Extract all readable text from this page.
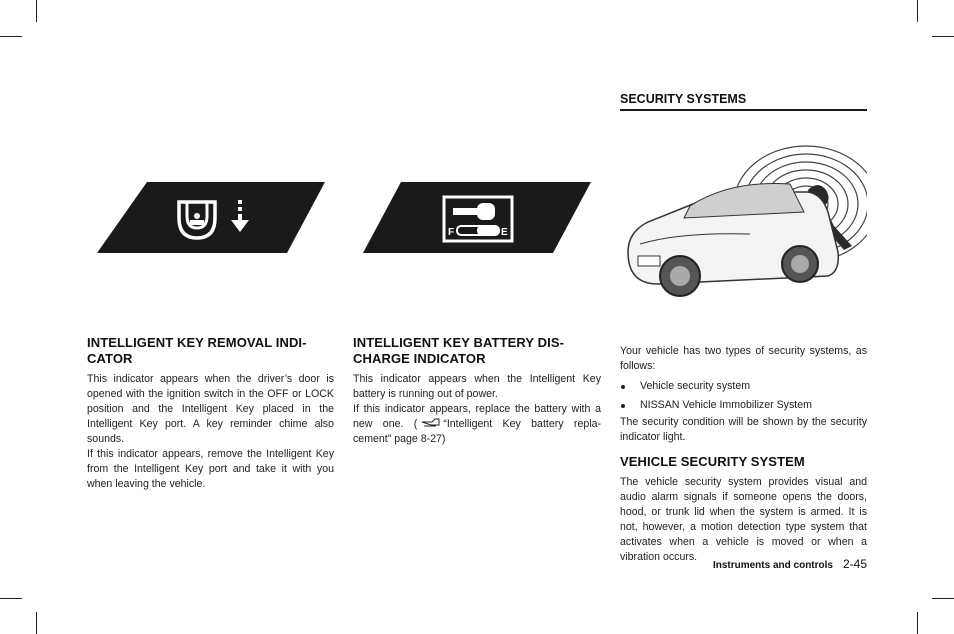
INTELLIGENT KEY REMOVAL INDI-
CATOR

This indicator appears when the driver’s door is opened with the ignition switch in the OFF or LOCK position and the Intelligent Key placed in the Intelligent Key port. A key reminder chime also sounds.

If this indicator appears, remove the Intelligent Key from the Intelligent Key port and take it with you when leaving the vehicle.

F	E
INTELLIGENT KEY BATTERY DIS-
CHARGE INDICATOR

This indicator appears when the Intelligent Key battery is running out of power.

If this indicator appears, replace the battery with a new one. ( “Intelligent Key battery repla-cement” page 8-27)

SECURITY SYSTEMS

Your vehicle has two types of security systems, as follows:

Vehicle security system
NISSAN Vehicle Immobilizer System

The security condition will be shown by the security indicator light.

VEHICLE SECURITY SYSTEM

The vehicle security system provides visual and audio alarm signals if someone opens the doors, hood, or trunk lid when the system is armed. It is not, however, a motion detection type system that activates when a vehicle is moved or when a vibration occurs.

Instruments and controls 2-45
